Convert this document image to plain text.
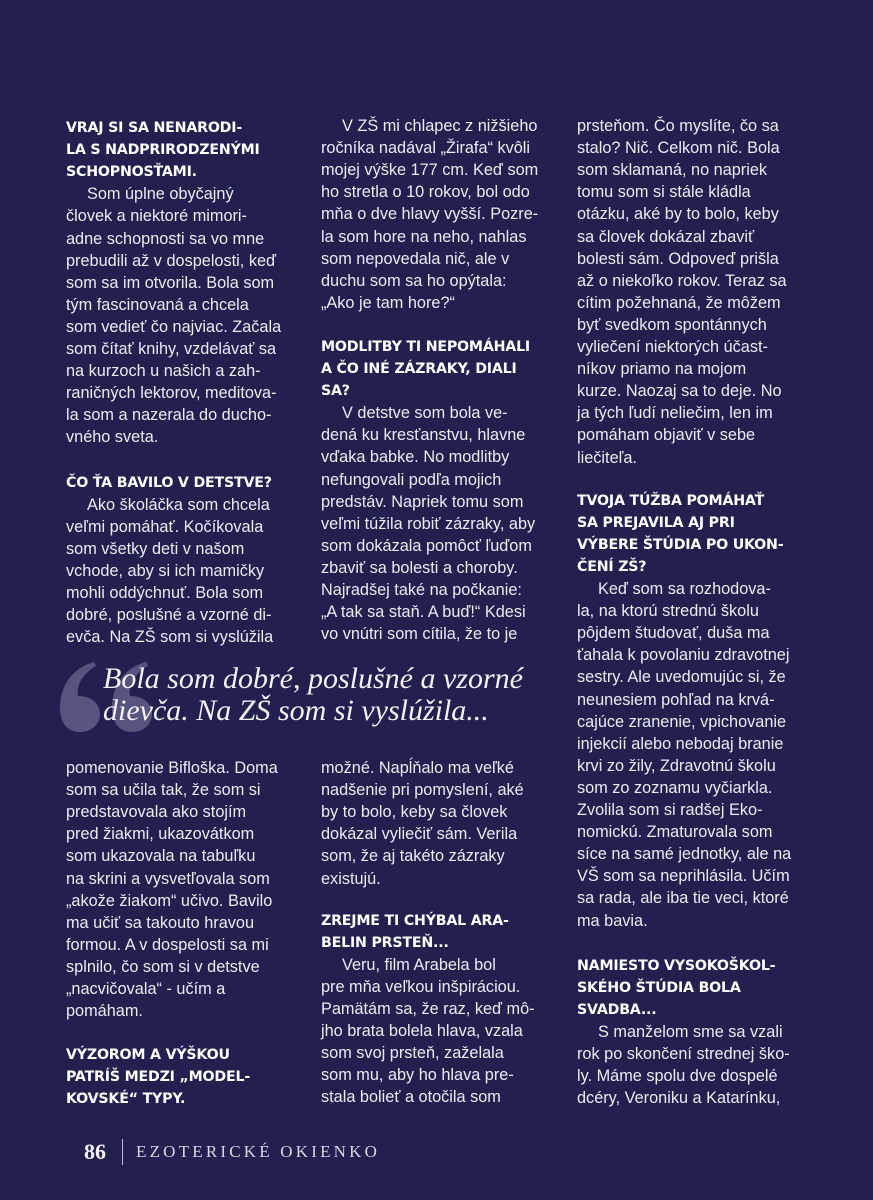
VRAJ SI SA NENARODI-
LA S NADPRIRODZENÝMI
SCHOPNOSŤAMI.
Som úplne obyčajný
človek a niektoré mimori-
adne schopnosti sa vo mne
prebudili až v dospelosti, keď
som sa im otvorila. Bola som
tým fascinovaná a chcela
som vedieť čo najviac. Začala
som čítať knihy, vzdelávať sa
na kurzoch u našich a zah-
raničných lektorov, meditova-
la som a nazerala do ducho-
vného sveta.
ČO ŤA BAVILO V DETSTVE?
Ako školáčka som chcela
veľmi pomáhať. Kočíkovala
som všetky deti v našom
vchode, aby si ich mamičky
mohli oddýchnuť. Bola som
dobré, poslušné a vzorné di-
evča. Na ZŠ som si vyslúžila
V ZŠ mi chlapec z nižšieho
ročníka nadával „Žirafa“ kvôli
mojej výške 177 cm. Keď som
ho stretla o 10 rokov, bol odo
mňa o dve hlavy vyšší. Pozre-
la som hore na neho, nahlas
som nepovedala nič, ale v
duchu som sa ho opýtala:
„Ako je tam hore?“
MODLITBY TI NEPOMÁHALI
A ČO INÉ ZÁZRAKY, DIALI
SA?
V detstve som bola ve-
dená ku kresťanstvu, hlavne
vďaka babke. No modlitby
nefungovali podľa mojich
predstáv. Napriek tomu som
veľmi túžila robiť zázraky, aby
som dokázala pomôcť ľuďom
zbaviť sa bolesti a choroby.
Najradšej také na počkanie:
„A tak sa staň. A buď!“ Kdesi
vo vnútri som cítila, že to je
prsteňom. Čo myslíte, čo sa
stalo? Nič. Celkom nič. Bola
som sklamaná, no napriek
tomu som si stále kládla
otázku, aké by to bolo, keby
sa človek dokázal zbaviť
bolesti sám. Odpoveď prišla
až o niekoľko rokov. Teraz sa
cítim požehnaná, že môžem
byť svedkom spontánnych
vyliečení niektorých účast-
níkov priamo na mojom
kurze. Naozaj sa to deje. No
ja tých ľudí neliečim, len im
pomáham objaviť v sebe
liečiteľa.
TVOJA TÚŽBA POMÁHAŤ
SA PREJAVILA AJ PRI
VÝBERE ŠTÚDIA PO UKON-
ČENÍ ZŠ?
Keď som sa rozhodova-
la, na ktorú strednú školu
pôjdem študovať, duša ma
ťahala k povolaniu zdravotnej
sestry. Ale uvedomujúc si, že
neunesiem pohľad na krvá-
cajúce zranenie, vpichovanie
injekcií alebo nebodaj branie
krvi zo žily, Zdravotnú školu
som zo zoznamu vyčiarkla.
Zvolila som si radšej Eko-
nomickú. Zmaturovala som
síce na samé jednotky, ale na
VŠ som sa neprihlásila. Učím
sa rada, ale iba tie veci, ktoré
ma bavia.
NAMIESTO VYSOKOŠKOL-
SKÉHO ŠTÚDIA BOLA
SVADBA...
S manželom sme sa vzali
rok po skončení strednej ško-
ly. Máme spolu dve dospelé
dcéry, Veroniku a Katarínku,
pomenovanie Bifloška. Doma
som sa učila tak, že som si
predstavovala ako stojím
pred žiakmi, ukazovátkom
som ukazovala na tabuľku
na skrini a vysvetľovala som
„akože žiakom“ učivo. Bavilo
ma učiť sa takouto hravou
formou. A v dospelosti sa mi
splnilo, čo som si v detstve
„nacvičovala“ - učím a
pomáham.
VÝZOROM A VÝŠKOU
PATRÍŠ MEDZI „MODEL-
KOVSKÉ“ TYPY.
možné. Napĺňalo ma veľké
nadšenie pri pomyslení, aké
by to bolo, keby sa človek
dokázal vyliečiť sám. Verila
som, že aj takéto zázraky
existujú.
ZREJME TI CHÝBAL ARA-
BELIN PRSTEŇ...
Veru, film Arabela bol
pre mňa veľkou inšpiráciou.
Pamätám sa, že raz, keď mô-
jho brata bolela hlava, vzala
som svoj prsteň, zaželala
som mu, aby ho hlava pre-
stala bolieť a otočila som
Bola som dobré, poslušné a vzorné
dievča. Na ZŠ som si vyslúžila...
86 EZOTERICKÉ OKIENKO
